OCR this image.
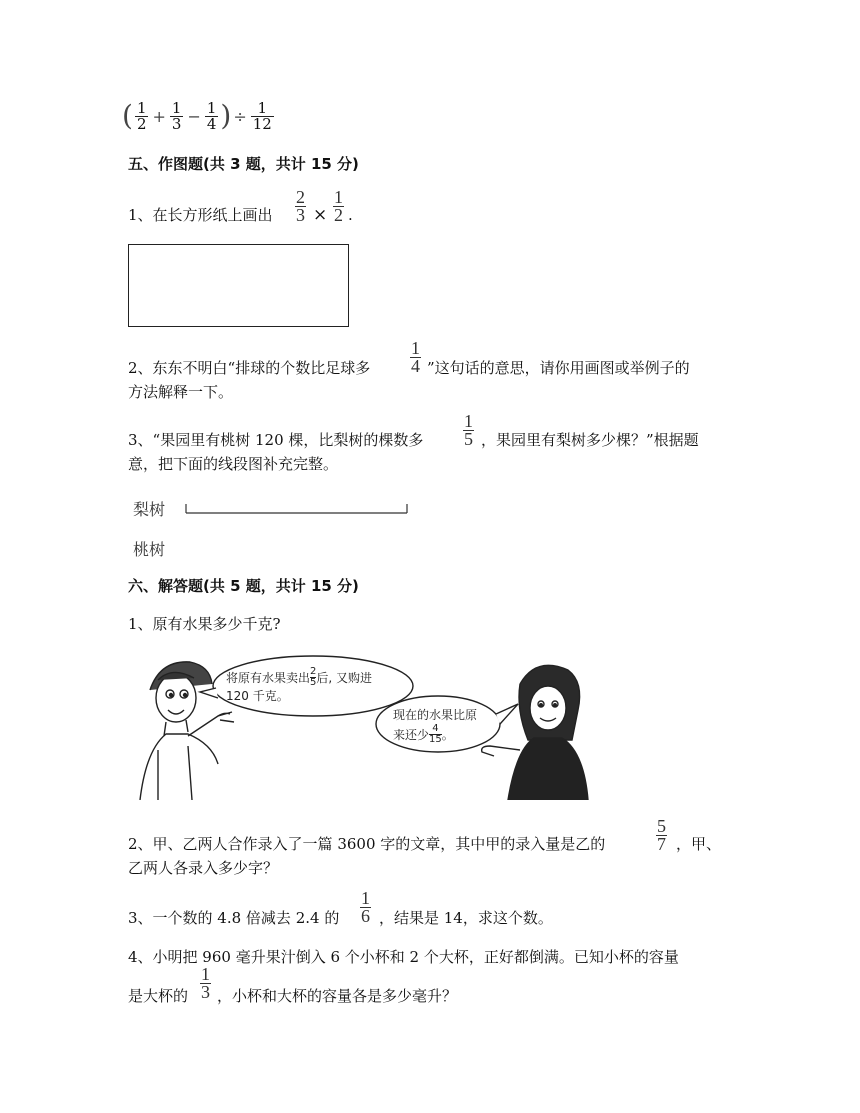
( $\frac{1}{2} + \frac{1}{3} - \frac{1}{4}$ ) ÷ $\frac{1}{12}$
五、作图题(共 3 题，共计 15 分)
1、在长方形纸上画出
2
3 ×
1
2 .
2、东东不明白“排球的个数比足球多
1
4 ”这句话的意思，请你用画图或举例子的
方法解释一下。
3、“果园里有桃树 120 棵，比梨树的棵数多
1
5 ，果园里有梨树多少棵？”根据题
意，把下面的线段图补充完整。
梨树
桃树
六、解答题(共 5 题，共计 15 分)
1、原有水果多少千克?
将原有水果卖出 $\frac{2}{5}$ 后, 又购进
120 千克。
现在的水果比原
来还少 $\frac{4}{15}$ 。
2、甲、乙两人合作录入了一篇 3600 字的文章，其中甲的录入量是乙的
5
7 ，甲、
乙两人各录入多少字？
3、一个数的 4.8 倍减去 2.4 的
1
6 ，结果是 14，求这个数。
4、小明把 960 毫升果汁倒入 6 个小杯和 2 个大杯，正好都倒满。已知小杯的容量
是大杯的
1
3 ，小杯和大杯的容量各是多少毫升？
